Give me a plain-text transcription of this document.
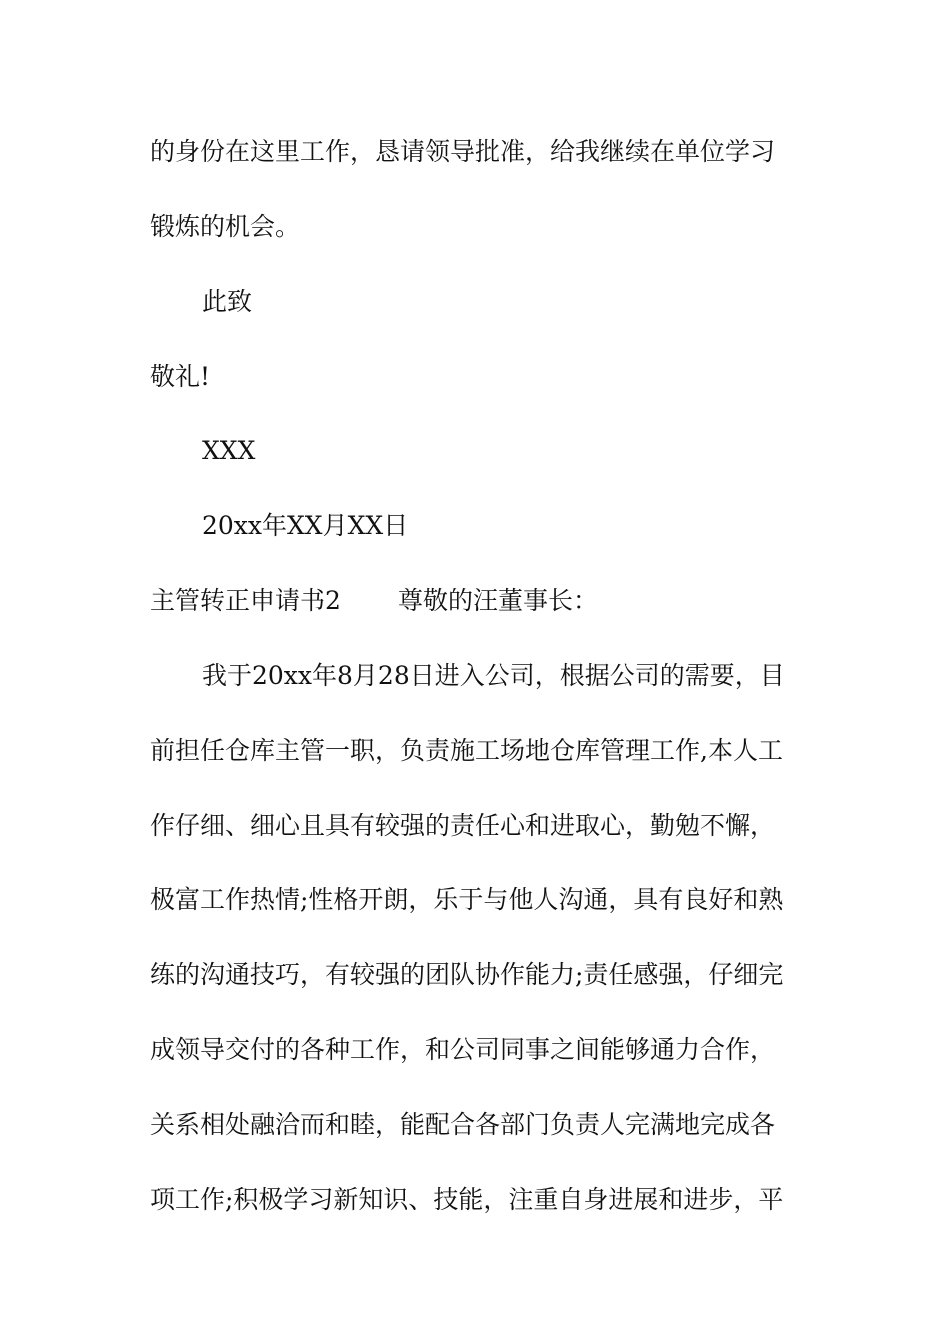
的身份在这里工作，恳请领导批准，给我继续在单位学习

锻炼的机会。

此致

敬礼!

XXX

20xx年XX月XX日

主管转正申请书2 尊敬的汪董事长：

我于20xx年8月28日进入公司，根据公司的需要，目

前担任仓库主管一职，负责施工场地仓库管理工作,本人工

作仔细、细心且具有较强的责任心和进取心，勤勉不懈，

极富工作热情;性格开朗，乐于与他人沟通，具有良好和熟

练的沟通技巧，有较强的团队协作能力;责任感强，仔细完

成领导交付的各种工作，和公司同事之间能够通力合作，

关系相处融洽而和睦，能配合各部门负责人完满地完成各

项工作;积极学习新知识、技能，注重自身进展和进步，平
